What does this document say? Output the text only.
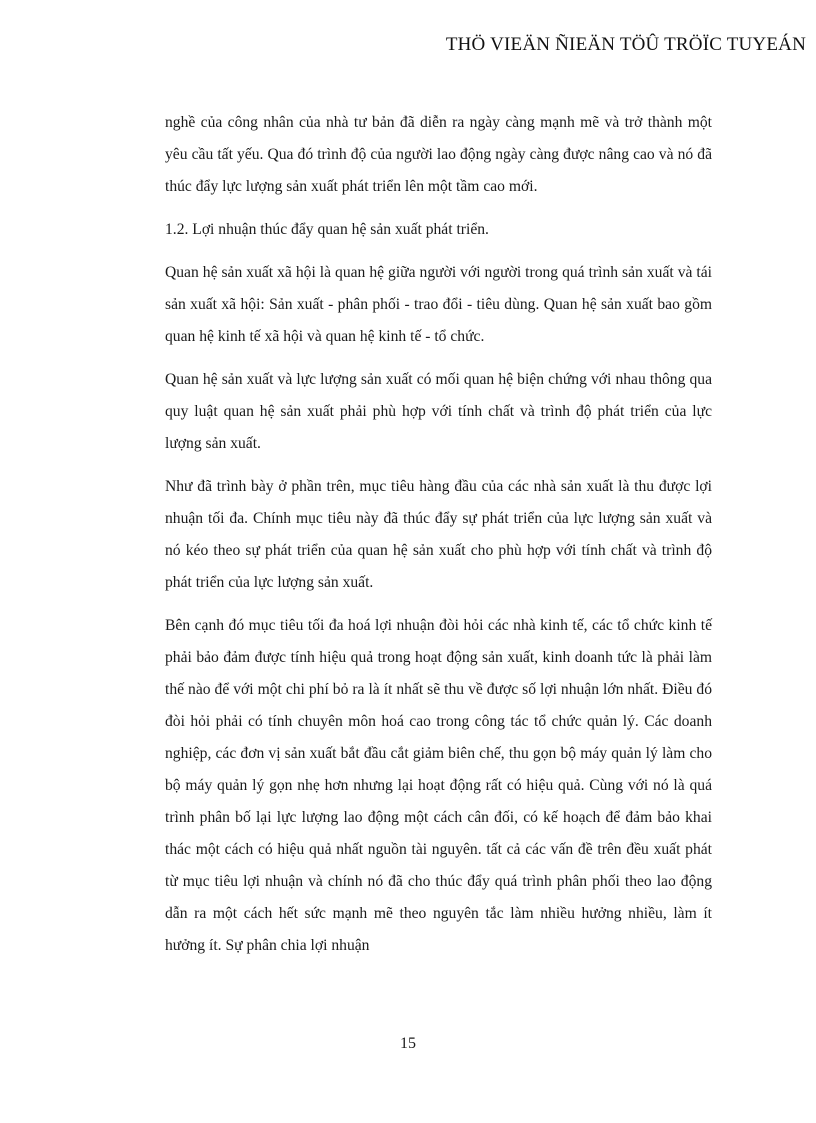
THÖ VIEÄN ÑIEÄN TÖÛ TRÖÏC TUYEÁN

nghề của công nhân của nhà tư bản đã diễn ra ngày càng mạnh mẽ và trở thành một yêu cầu tất yếu. Qua đó trình độ của người lao động ngày càng được nâng cao và nó đã thúc đẩy lực lượng sản xuất phát triển lên một tầm cao mới.

1.2. Lợi nhuận thúc đẩy quan hệ sản xuất phát triển.

Quan hệ sản xuất xã hội là quan hệ giữa người với người trong quá trình sản xuất và tái sản xuất xã hội: Sản xuất - phân phối - trao đổi - tiêu dùng. Quan hệ sản xuất bao gồm quan hệ kinh tế xã hội và quan hệ kinh tế - tổ chức.

Quan hệ sản xuất và lực lượng sản xuất có mối quan hệ biện chứng với nhau thông qua quy luật quan hệ sản xuất phải phù hợp với tính chất và trình độ phát triển của lực lượng sản xuất.

Như đã trình bày ở phần trên, mục tiêu hàng đầu của các nhà sản xuất là thu được lợi nhuận tối đa. Chính mục tiêu này đã thúc đẩy sự phát triển của lực lượng sản xuất và nó kéo theo sự phát triển của quan hệ sản xuất cho phù hợp với tính chất và trình độ phát triển của lực lượng sản xuất.

Bên cạnh đó mục tiêu tối đa hoá lợi nhuận đòi hỏi các nhà kinh tế, các tổ chức kinh tế phải bảo đảm được tính hiệu quả trong hoạt động sản xuất, kinh doanh tức là phải làm thế nào để với một chi phí bỏ ra là ít nhất sẽ thu về được số lợi nhuận lớn nhất. Điều đó đòi hỏi phải có tính chuyên môn hoá cao trong công tác tổ chức quản lý. Các doanh nghiệp, các đơn vị sản xuất bắt đầu cắt giảm biên chế, thu gọn bộ máy quản lý làm cho bộ máy quản lý gọn nhẹ hơn nhưng lại hoạt động rất có hiệu quả. Cùng với nó là quá trình phân bố lại lực lượng lao động một cách cân đối, có kế hoạch để đảm bảo khai thác một cách có hiệu quả nhất nguồn tài nguyên. tất cả các vấn đề trên đều xuất phát từ mục tiêu lợi nhuận và chính nó đã cho thúc đẩy quá trình phân phối theo lao động dẫn ra một cách hết sức mạnh mẽ theo nguyên tắc làm nhiều hưởng nhiều, làm ít hưởng ít. Sự phân chia lợi nhuận

15
